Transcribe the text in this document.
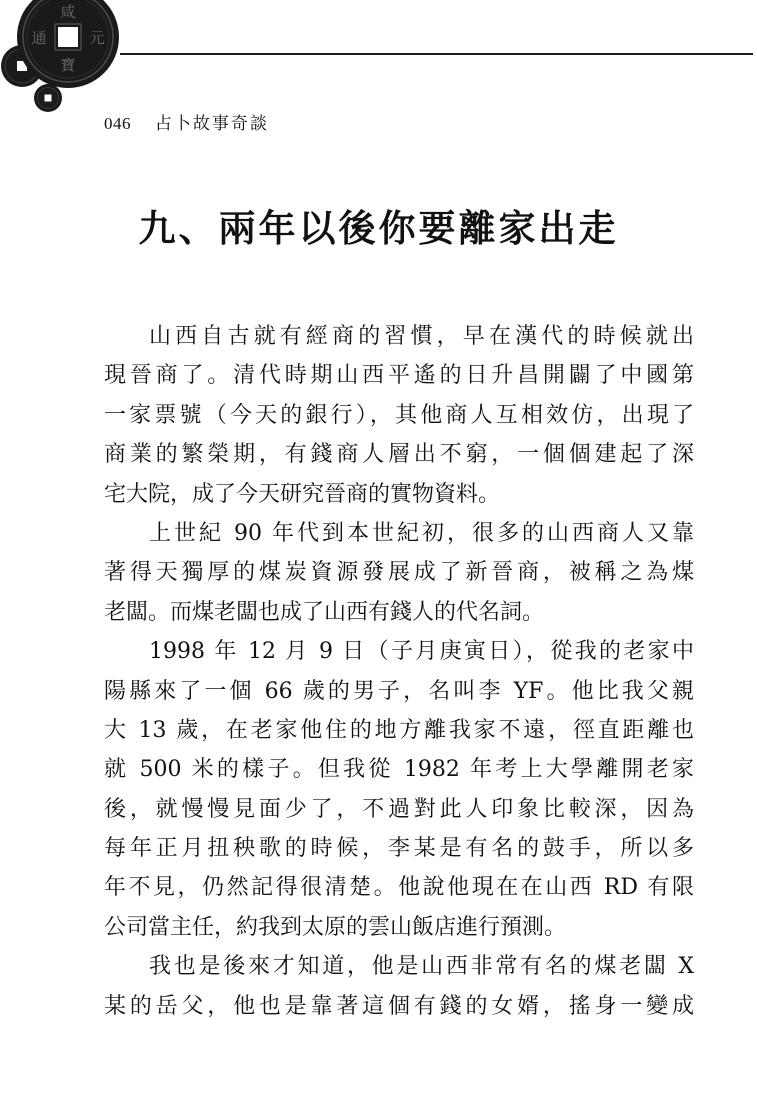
咸
元
通
寶
046 占卜故事奇談
九、兩年以後你要離家出走
山西自古就有經商的習慣，早在漢代的時候就出
現晉商了。清代時期山西平遙的日升昌開闢了中國第
一家票號（今天的銀行），其他商人互相效仿，出現了
商業的繁榮期，有錢商人層出不窮，一個個建起了深
宅大院，成了今天研究晉商的實物資料。
上世紀 90 年代到本世紀初，很多的山西商人又靠
著得天獨厚的煤炭資源發展成了新晉商，被稱之為煤
老闆。而煤老闆也成了山西有錢人的代名詞。
1998 年 12 月 9 日（子月庚寅日），從我的老家中
陽縣來了一個 66 歲的男子，名叫李 YF。他比我父親
大 13 歲，在老家他住的地方離我家不遠，徑直距離也
就 500 米的樣子。但我從 1982 年考上大學離開老家
後，就慢慢見面少了，不過對此人印象比較深，因為
每年正月扭秧歌的時候，李某是有名的鼓手，所以多
年不見，仍然記得很清楚。他說他現在在山西 RD 有限
公司當主任，約我到太原的雲山飯店進行預測。
我也是後來才知道，他是山西非常有名的煤老闆 X
某的岳父，他也是靠著這個有錢的女婿，搖身一變成
